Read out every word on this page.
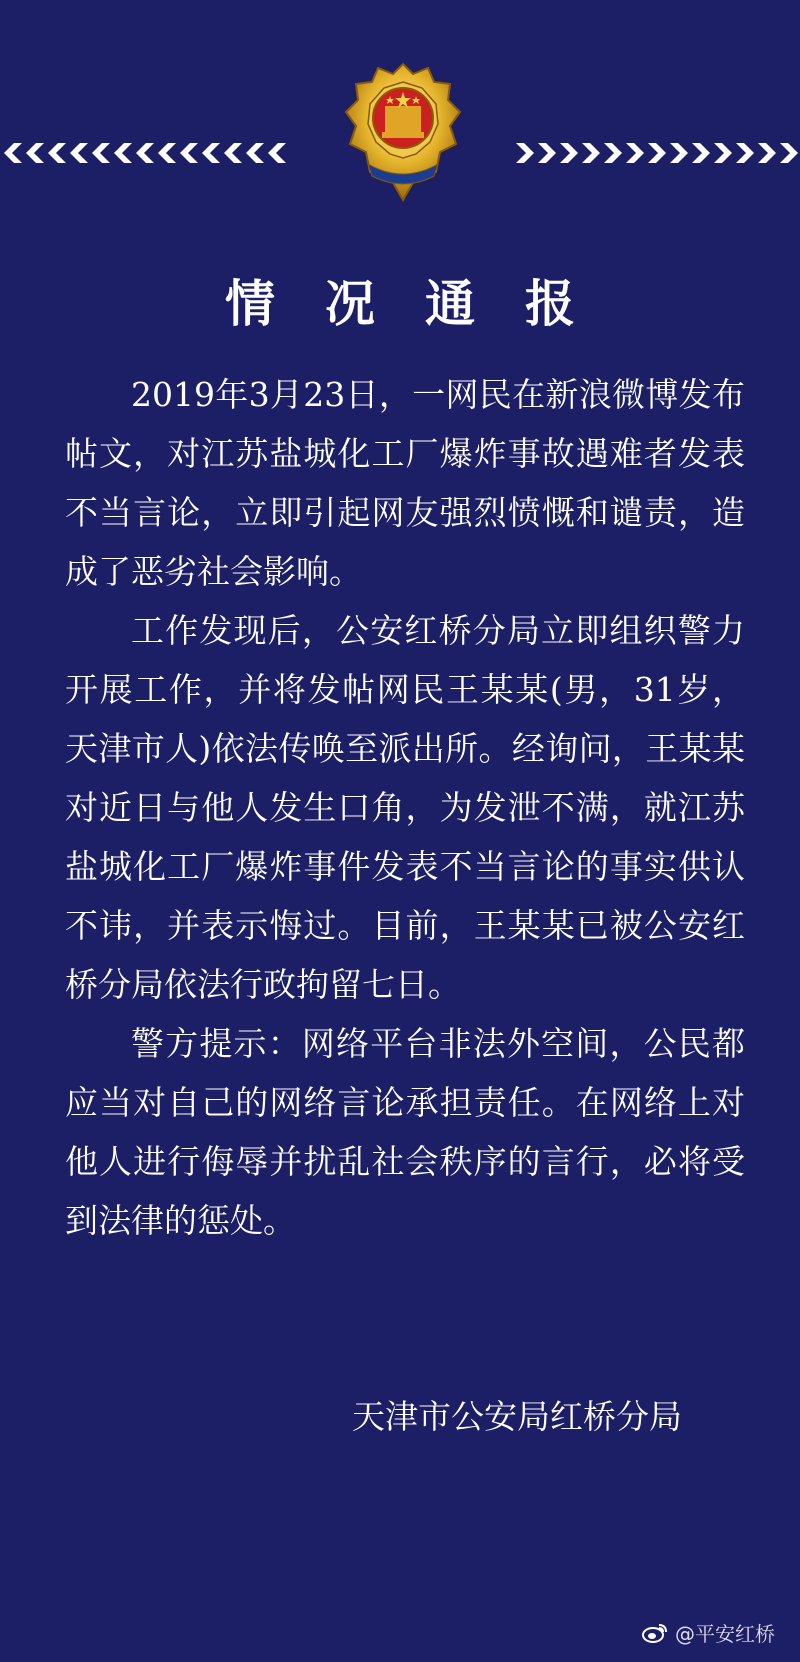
情况通报

2019年3月23日，一网民在新浪微博发布帖文，对江苏盐城化工厂爆炸事故遇难者发表不当言论，立即引起网友强烈愤慨和谴责，造成了恶劣社会影响。

工作发现后，公安红桥分局立即组织警力开展工作，并将发帖网民王某某(男，31岁，天津市人)依法传唤至派出所。经询问，王某某对近日与他人发生口角，为发泄不满，就江苏盐城化工厂爆炸事件发表不当言论的事实供认不讳，并表示悔过。目前，王某某已被公安红桥分局依法行政拘留七日。

警方提示：网络平台非法外空间，公民都应当对自己的网络言论承担责任。在网络上对他人进行侮辱并扰乱社会秩序的言行，必将受到法律的惩处。

天津市公安局红桥分局
@平安红桥
